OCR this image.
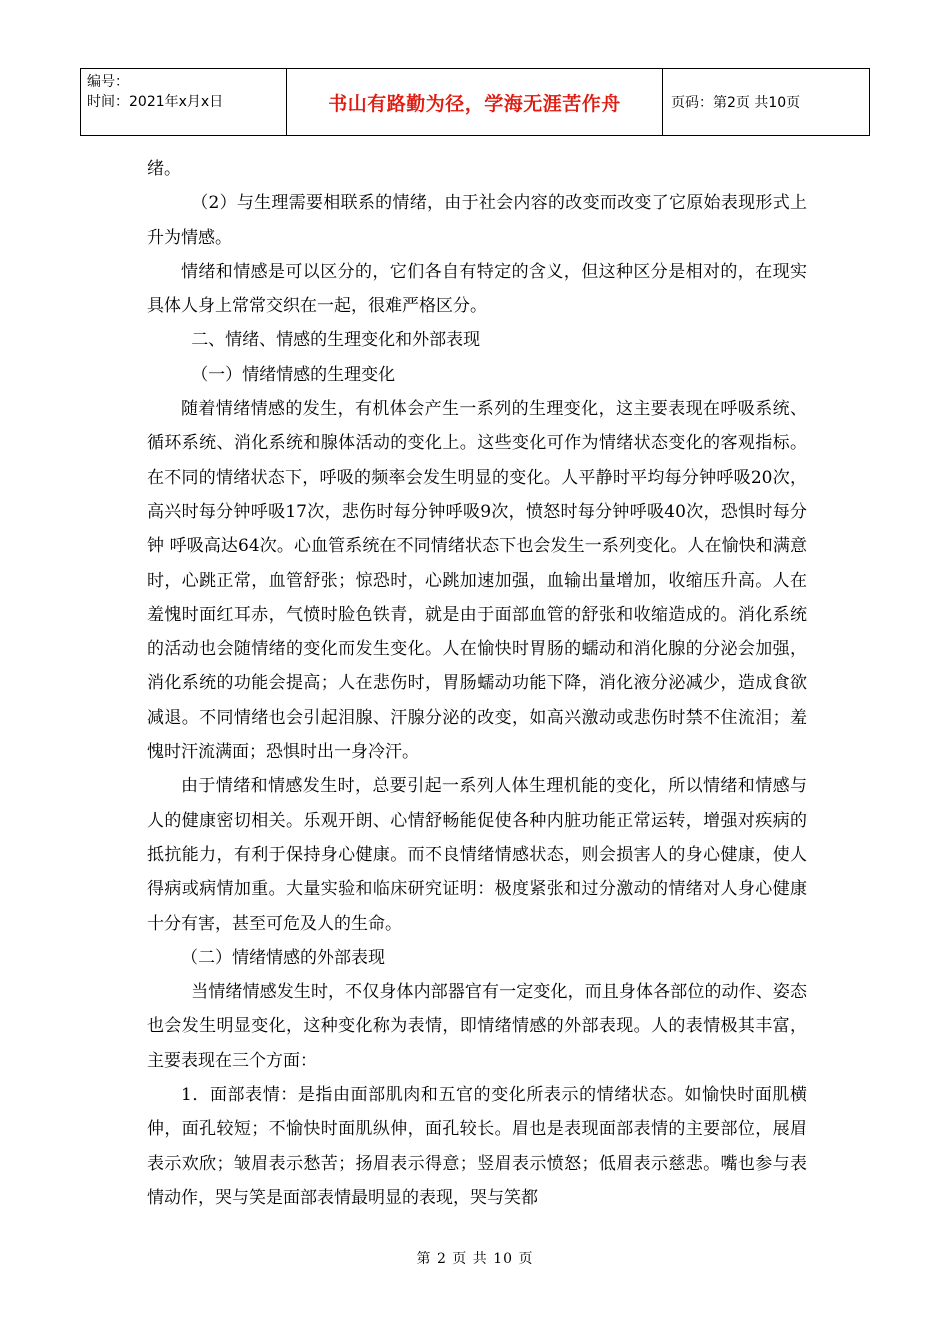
编号：
时间：2021年x月x日	书山有路勤为径，学海无涯苦作舟	页码：第2页 共10页

绪。

（2）与生理需要相联系的情绪，由于社会内容的改变而改变了它原始表现形式上升为情感。

情绪和情感是可以区分的，它们各自有特定的含义，但这种区分是相对的，在现实具体人身上常常交织在一起，很难严格区分。

二、情绪、情感的生理变化和外部表现

（一）情绪情感的生理变化

随着情绪情感的发生，有机体会产生一系列的生理变化，这主要表现在呼吸系统、循环系统、消化系统和腺体活动的变化上。这些变化可作为情绪状态变化的客观指标。在不同的情绪状态下，呼吸的频率会发生明显的变化。人平静时平均每分钟呼吸20次，高兴时每分钟呼吸17次，悲伤时每分钟呼吸9次，愤怒时每分钟呼吸40次，恐惧时每分钟 呼吸高达64次。心血管系统在不同情绪状态下也会发生一系列变化。人在愉快和满意时，心跳正常，血管舒张；惊恐时，心跳加速加强，血输出量增加，收缩压升高。人在羞愧时面红耳赤，气愤时脸色铁青，就是由于面部血管的舒张和收缩造成的。消化系统的活动也会随情绪的变化而发生变化。人在愉快时胃肠的蠕动和消化腺的分泌会加强，消化系统的功能会提高；人在悲伤时，胃肠蠕动功能下降，消化液分泌减少，造成食欲减退。不同情绪也会引起泪腺、汗腺分泌的改变，如高兴激动或悲伤时禁不住流泪；羞愧时汗流满面；恐惧时出一身冷汗。

由于情绪和情感发生时，总要引起一系列人体生理机能的变化，所以情绪和情感与人的健康密切相关。乐观开朗、心情舒畅能促使各种内脏功能正常运转，增强对疾病的抵抗能力，有利于保持身心健康。而不良情绪情感状态，则会损害人的身心健康，使人得病或病情加重。大量实验和临床研究证明：极度紧张和过分激动的情绪对人身心健康十分有害，甚至可危及人的生命。

（二）情绪情感的外部表现

当情绪情感发生时，不仅身体内部器官有一定变化，而且身体各部位的动作、姿态也会发生明显变化，这种变化称为表情，即情绪情感的外部表现。人的表情极其丰富，主要表现在三个方面：

1．面部表情：是指由面部肌肉和五官的变化所表示的情绪状态。如愉快时面肌横伸，面孔较短；不愉快时面肌纵伸，面孔较长。眉也是表现面部表情的主要部位，展眉表示欢欣；皱眉表示愁苦；扬眉表示得意；竖眉表示愤怒；低眉表示慈悲。嘴也参与表情动作，哭与笑是面部表情最明显的表现，哭与笑都

第 2 页 共 10 页
